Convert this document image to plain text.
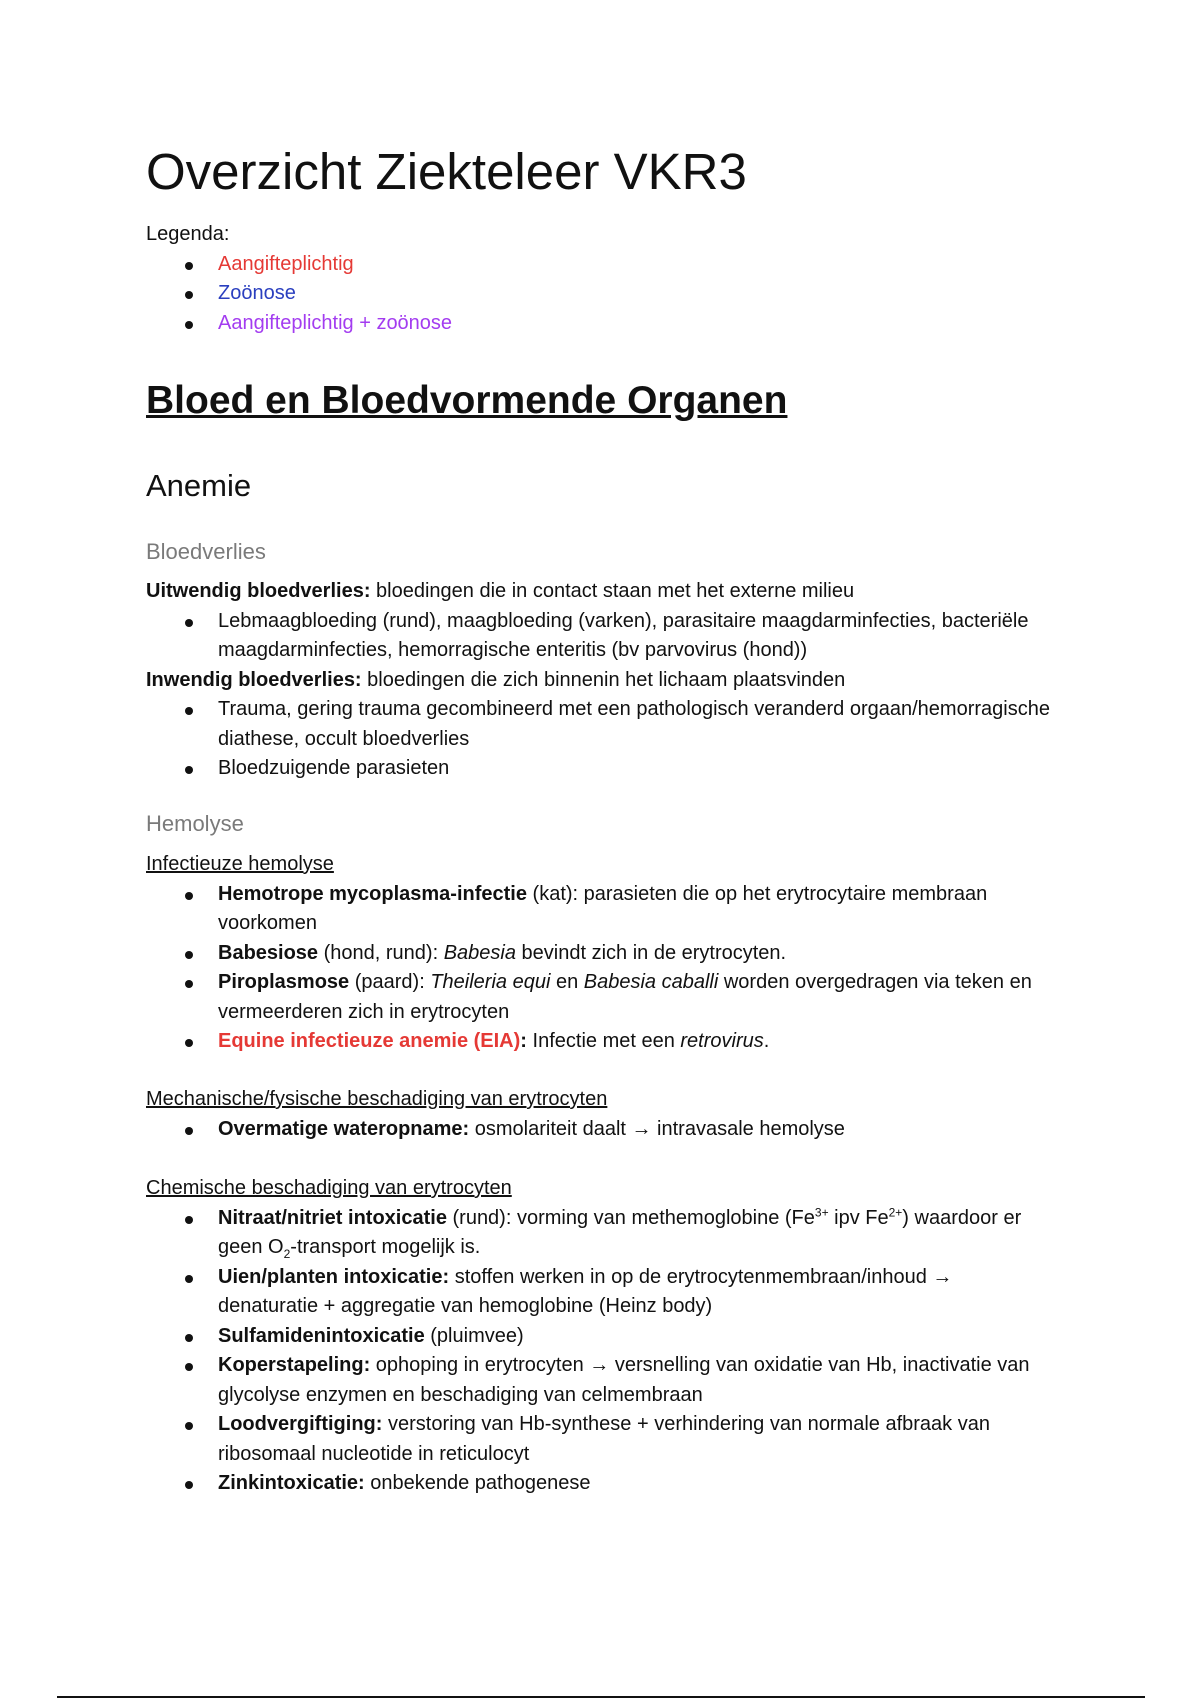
Overzicht Ziekteleer VKR3
Legenda:
Aangifteplichtig
Zoönose
Aangifteplichtig + zoönose
Bloed en Bloedvormende Organen
Anemie
Bloedverlies

Uitwendig bloedverlies: bloedingen die in contact staan met het externe milieu

Lebmaagbloeding (rund), maagbloeding (varken), parasitaire maagdarminfecties, bacteriële maagdarminfecties, hemorragische enteritis (bv parvovirus (hond))

Inwendig bloedverlies: bloedingen die zich binnenin het lichaam plaatsvinden

Trauma, gering trauma gecombineerd met een pathologisch veranderd orgaan/hemorragische diathese, occult bloedverlies
Bloedzuigende parasieten
Hemolyse

Infectieuze hemolyse

Hemotrope mycoplasma-infectie (kat): parasieten die op het erytrocytaire membraan voorkomen
Babesiose (hond, rund): Babesia bevindt zich in de erytrocyten.
Piroplasmose (paard): Theileria equi en Babesia caballi worden overgedragen via teken en vermeerderen zich in erytrocyten
Equine infectieuze anemie (EIA): Infectie met een retrovirus.

Mechanische/fysische beschadiging van erytrocyten

Overmatige wateropname: osmolariteit daalt → intravasale hemolyse

Chemische beschadiging van erytrocyten

Nitraat/nitriet intoxicatie (rund): vorming van methemoglobine ($Fe^{3+}$ ipv $Fe^{2+}$) waardoor er geen $O_2$-transport mogelijk is.
Uien/planten intoxicatie: stoffen werken in op de erytrocytenmembraan/inhoud → denaturatie + aggregatie van hemoglobine (Heinz body)
Sulfamidenintoxicatie (pluimvee)
Koperstapeling: ophoping in erytrocyten → versnelling van oxidatie van Hb, inactivatie van glycolyse enzymen en beschadiging van celmembraan
Loodvergiftiging: verstoring van Hb-synthese + verhindering van normale afbraak van ribosomaal nucleotide in reticulocyt
Zinkintoxicatie: onbekende pathogenese
